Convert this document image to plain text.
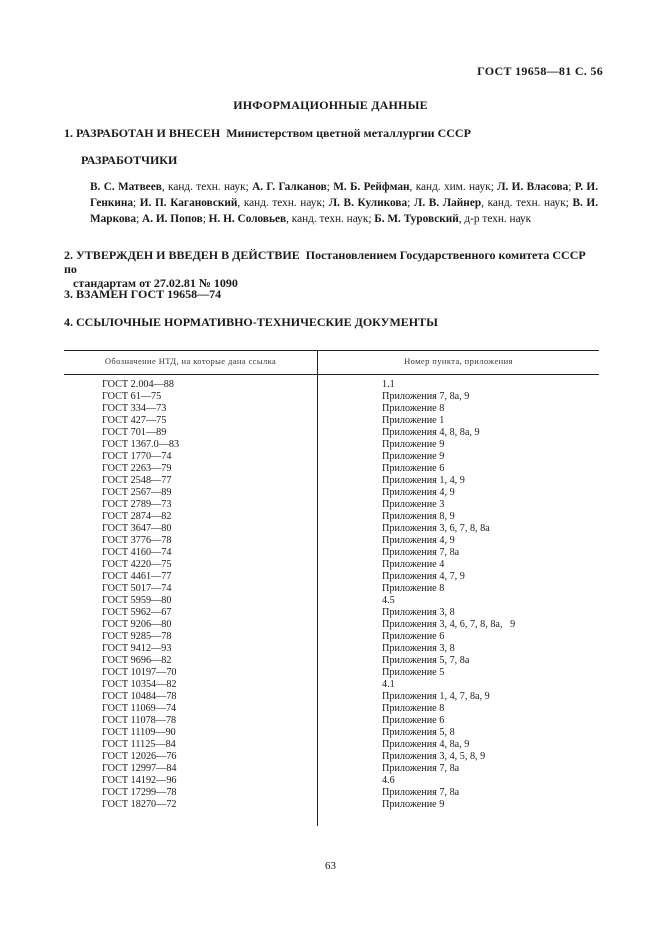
ГОСТ 19658—81 С. 56
ИНФОРМАЦИОННЫЕ ДАННЫЕ
1. РАЗРАБОТАН И ВНЕСЕН Министерством цветной металлургии СССР
РАЗРАБОТЧИКИ
В. С. Матвеев, канд. техн. наук; А. Г. Галканов; М. Б. Рейфман, канд. хим. наук; Л. И. Власова; Р. И. Генкина; И. П. Кагановский, канд. техн. наук; Л. В. Куликова; Л. В. Лайнер, канд. техн. наук; В. И. Маркова; А. И. Попов; Н. Н. Соловьев, канд. техн. наук; Б. М. Туровский, д-р техн. наук
2. УТВЕРЖДЕН И ВВЕДЕН В ДЕЙСТВИЕ Постановлением Государственного комитета СССР по
стандартам от 27.02.81 № 1090
3. ВЗАМЕН ГОСТ 19658—74
4. ССЫЛОЧНЫЕ НОРМАТИВНО-ТЕХНИЧЕСКИЕ ДОКУМЕНТЫ
Обозначение НТД, на которые дана ссылка	Номер пункта, приложения
ГОСТ 2.004—88
ГОСТ 61—75
ГОСТ 334—73
ГОСТ 427—75
ГОСТ 701—89
ГОСТ 1367.0—83
ГОСТ 1770—74
ГОСТ 2263—79
ГОСТ 2548—77
ГОСТ 2567—89
ГОСТ 2789—73
ГОСТ 2874—82
ГОСТ 3647—80
ГОСТ 3776—78
ГОСТ 4160—74
ГОСТ 4220—75
ГОСТ 4461—77
ГОСТ 5017—74
ГОСТ 5959—80
ГОСТ 5962—67
ГОСТ 9206—80
ГОСТ 9285—78
ГОСТ 9412—93
ГОСТ 9696—82
ГОСТ 10197—70
ГОСТ 10354—82
ГОСТ 10484—78
ГОСТ 11069—74
ГОСТ 11078—78
ГОСТ 11109—90
ГОСТ 11125—84
ГОСТ 12026—76
ГОСТ 12997—84
ГОСТ 14192—96
ГОСТ 17299—78
ГОСТ 18270—72
1.1
Приложения 7, 8а, 9
Приложение 8
Приложение 1
Приложения 4, 8, 8а, 9
Приложение 9
Приложение 9
Приложение 6
Приложения 1, 4, 9
Приложения 4, 9
Приложение 3
Приложения 8, 9
Приложения 3, 6, 7, 8, 8а
Приложения 4, 9
Приложения 7, 8а
Приложение 4
Приложения 4, 7, 9
Приложение 8
4.5
Приложения 3, 8
Приложения 3, 4, 6, 7, 8, 8а,   9
Приложение 6
Приложения 3, 8
Приложения 5, 7, 8а
Приложение 5
4.1
Приложения 1, 4, 7, 8а, 9
Приложение 8
Приложение 6
Приложения 5, 8
Приложения 4, 8а, 9
Приложения 3, 4, 5, 8, 9
Приложения 7, 8а
4.6
Приложения 7, 8а
Приложение 9
63
